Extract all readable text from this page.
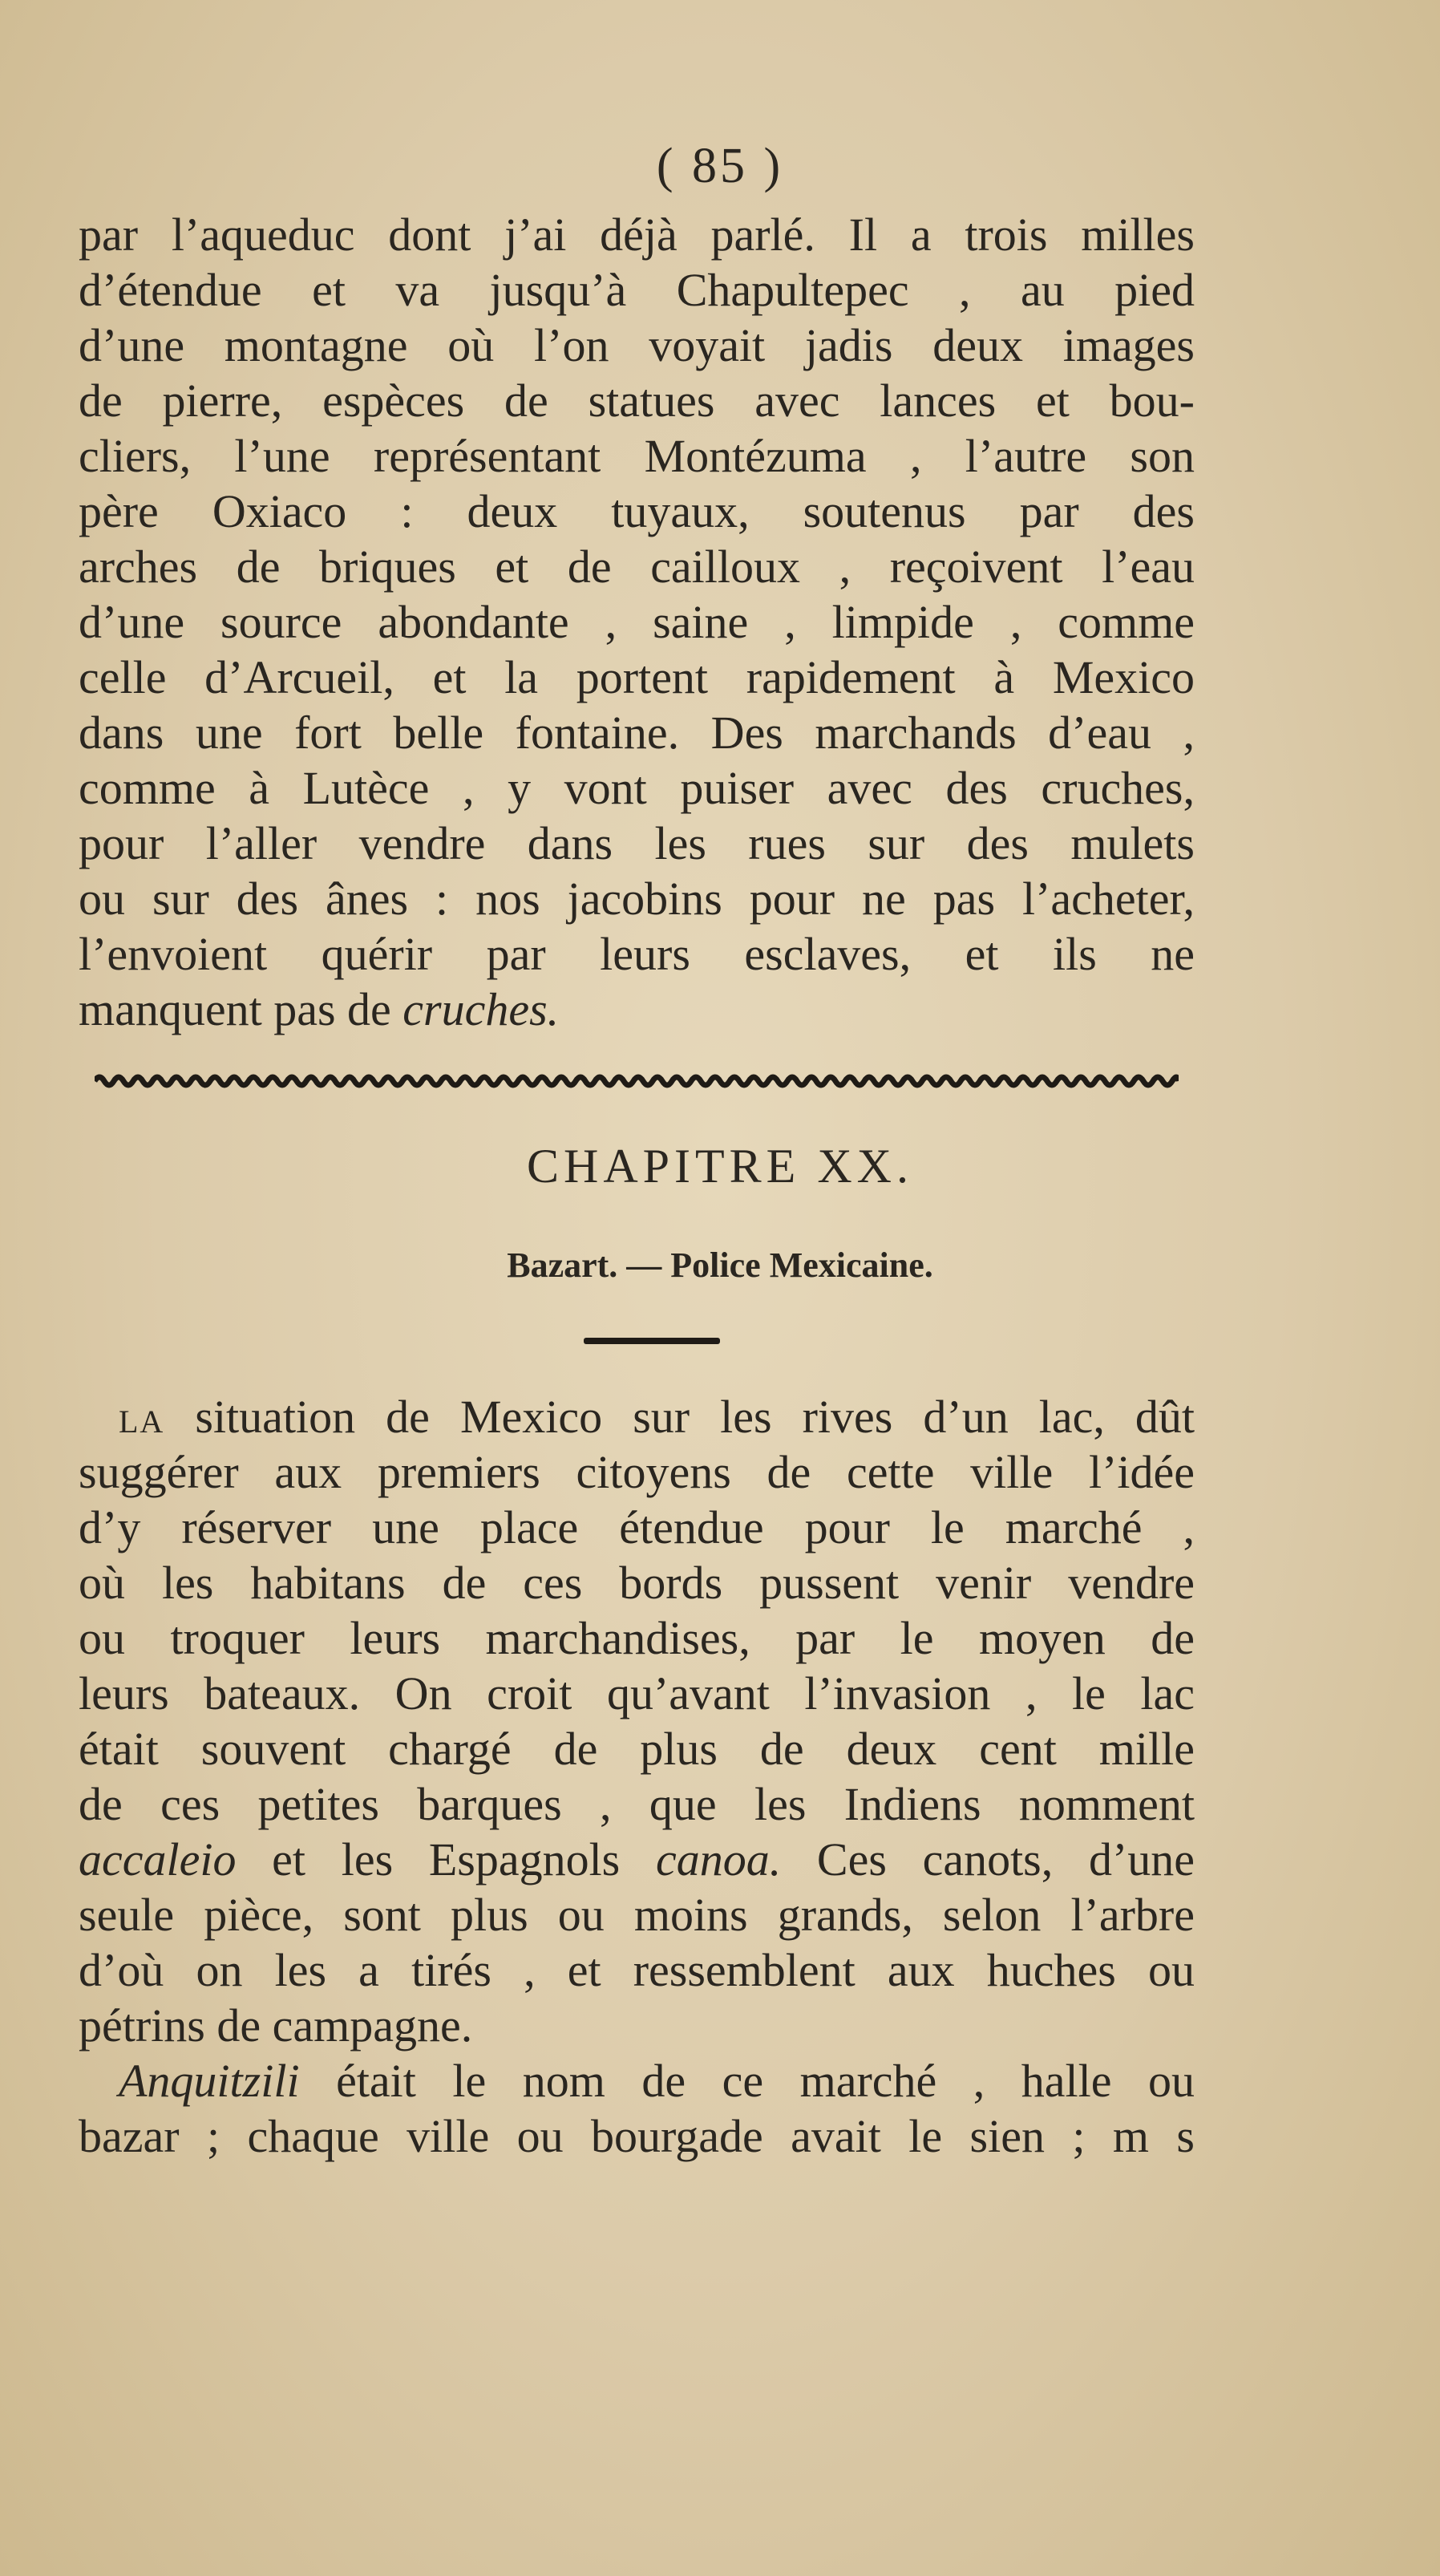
( 85 )
par l’aqueduc dont j’ai déjà parlé. Il a trois milles
d’étendue et va jusqu’à Chapultepec , au pied
d’une montagne où l’on voyait jadis deux images
de pierre, espèces de statues avec lances et bou-
cliers, l’une représentant Montézuma , l’autre son
père Oxiaco : deux tuyaux, soutenus par des
arches de briques et de cailloux , reçoivent l’eau
d’une source abondante , saine , limpide , comme
celle d’Arcueil, et la portent rapidement à Mexico
dans une fort belle fontaine. Des marchands d’eau ,
comme à Lutèce , y vont puiser avec des cruches,
pour l’aller vendre dans les rues sur des mulets
ou sur des ânes : nos jacobins pour ne pas l’acheter,
l’envoient quérir par leurs esclaves, et ils ne
manquent pas de cruches.
CHAPITRE XX.
Bazart. — Police Mexicaine.
LA situation de Mexico sur les rives d’un lac, dût
suggérer aux premiers citoyens de cette ville l’idée
d’y réserver une place étendue pour le marché ,
où les habitans de ces bords pussent venir vendre
ou troquer leurs marchandises, par le moyen de
leurs bateaux. On croit qu’avant l’invasion , le lac
était souvent chargé de plus de deux cent mille
de ces petites barques , que les Indiens nomment
accaleio et les Espagnols canoa. Ces canots, d’une
seule pièce, sont plus ou moins grands, selon l’arbre
d’où on les a tirés , et ressemblent aux huches ou
pétrins de campagne.
Anquitzili était le nom de ce marché , halle ou
bazar ; chaque ville ou bourgade avait le sien ; m s
